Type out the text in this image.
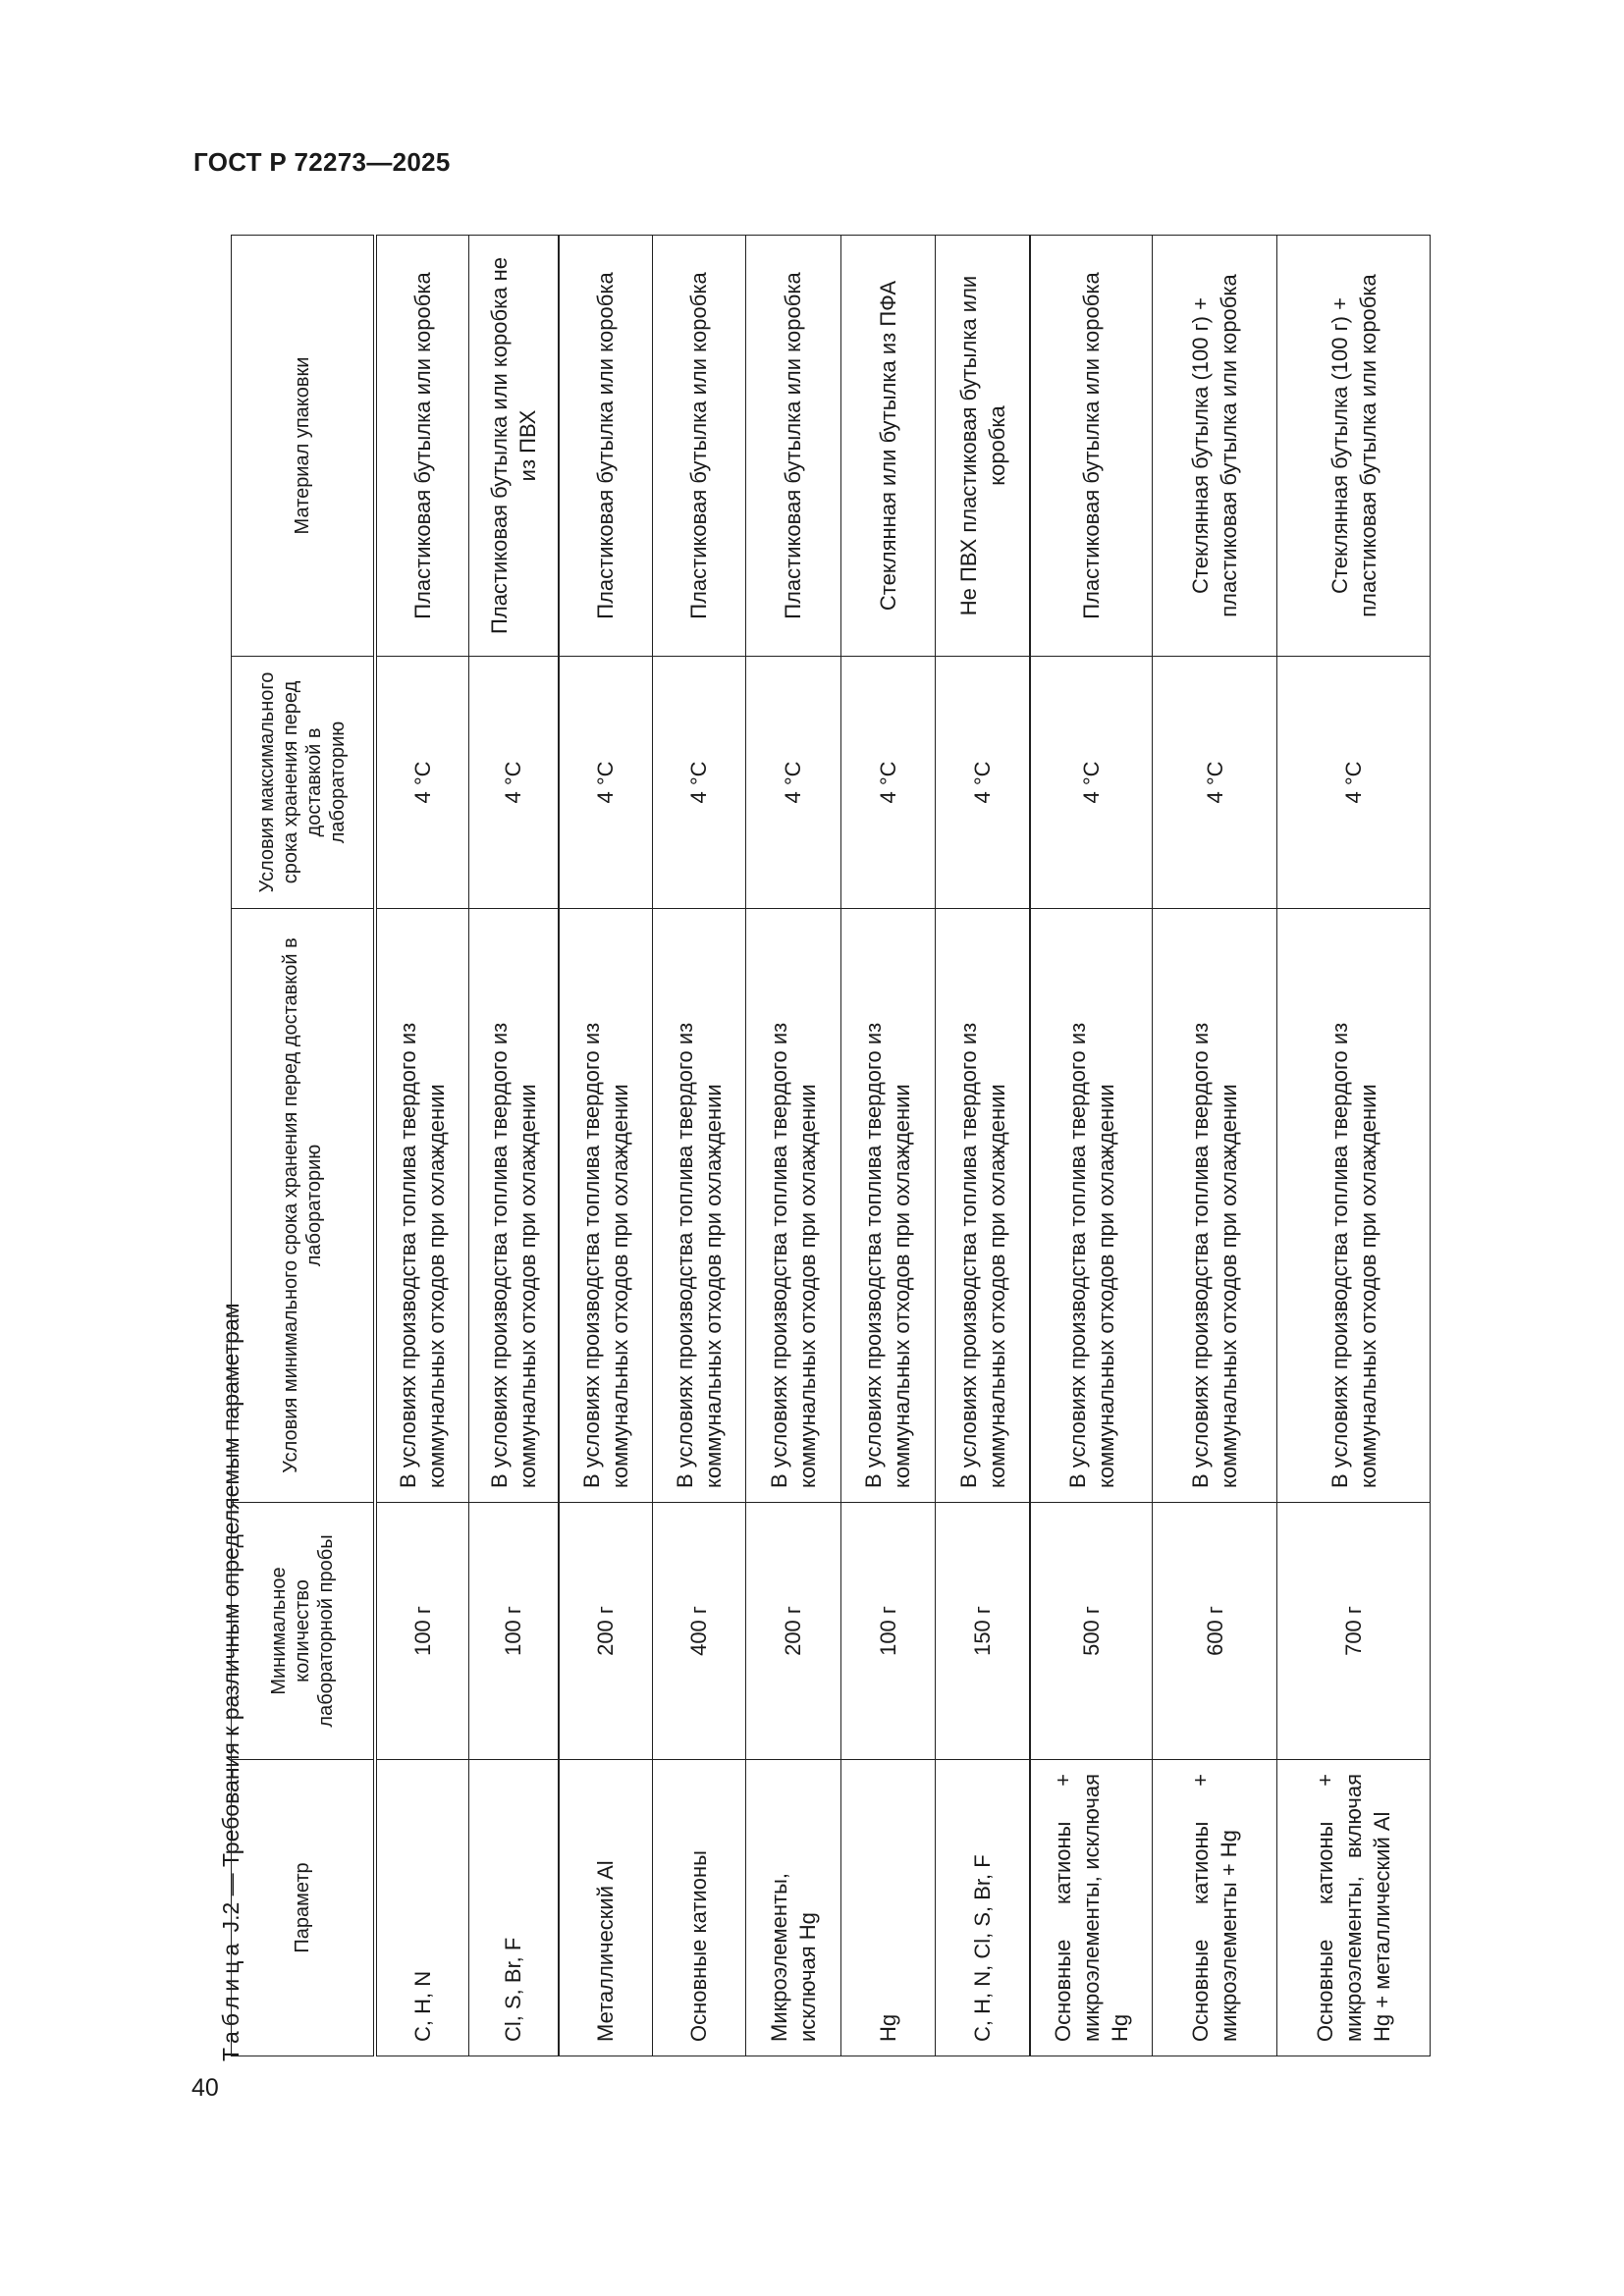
ГОСТ Р 72273—2025
Таблица J.2 — Требования к различным определяемым параметрам
Параметр	Минимальное количество лабораторной пробы	Условия минимального срока хранения перед доставкой в лабораторию	Условия максимального срока хранения перед доставкой в лабораторию	Материал упаковки
C, H, N	100 г	В условиях производства топлива твердого из коммунальных отходов при охлаждении	4 °С	Пластиковая бутылка или коробка
Cl, S, Br, F	100 г	В условиях производства топлива твердого из коммунальных отходов при охлаждении	4 °С	Пластиковая бутылка или коробка не из ПВХ
Металлический Al	200 г	В условиях производства топлива твердого из коммунальных отходов при охлаждении	4 °С	Пластиковая бутылка или коробка
Основные катионы	400 г	В условиях производства топлива твердого из коммунальных отходов при охлаждении	4 °С	Пластиковая бутылка или коробка
Микроэлементы, исключая Hg	200 г	В условиях производства топлива твердого из коммунальных отходов при охлаждении	4 °С	Пластиковая бутылка или коробка
Hg	100 г	В условиях производства топлива твердого из коммунальных отходов при охлаждении	4 °С	Стеклянная или бутылка из ПФА
C, H, N, Cl, S, Br, F	150 г	В условиях производства топлива твердого из коммунальных отходов при охлаждении	4 °С	Не ПВХ пластиковая бутылка или коробка
Основные катионы + микроэлементы, исключая Hg	500 г	В условиях производства топлива твердого из коммунальных отходов при охлаждении	4 °С	Пластиковая бутылка или коробка
Основные катионы + микроэлементы + Hg	600 г	В условиях производства топлива твердого из коммунальных отходов при охлаждении	4 °С	Стеклянная бутылка (100 г) + пластиковая бутылка или коробка
Основные катионы + микроэлементы, включая Hg + металлический Al	700 г	В условиях производства топлива твердого из коммунальных отходов при охлаждении	4 °С	Стеклянная бутылка (100 г) + пластиковая бутылка или коробка
40
